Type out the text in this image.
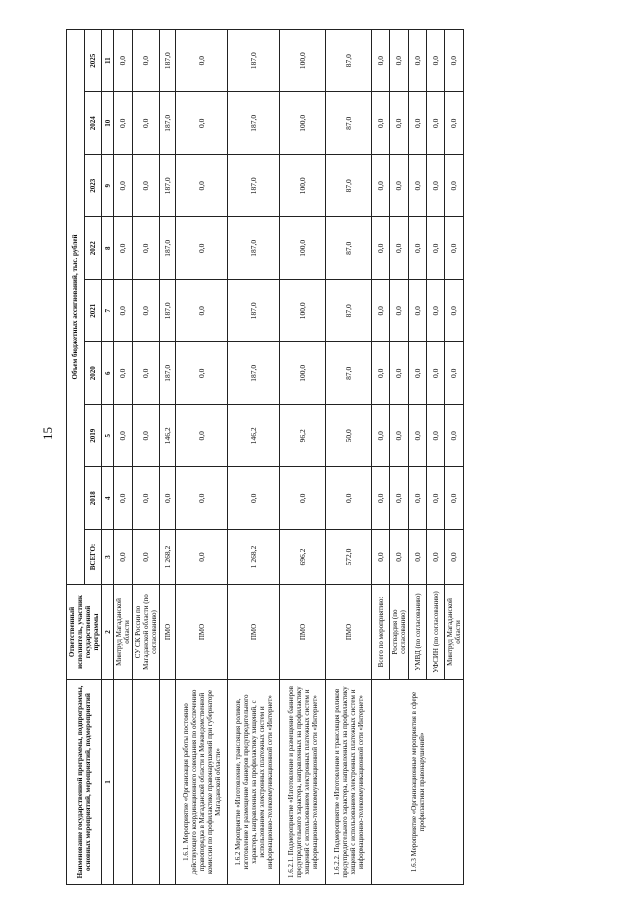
15
Наименование государственной программы, подпрограммы, основных мероприятий, мероприятий, подмероприятий	Ответственный исполнитель, участник государственной программы	Объем бюджетных ассигнований, тыс. рублей								
		ВСЕГО:	2018	2019	2020	2021	2022	2023	2024	2025
1	2	3	4	5	6	7	8	9	10	11
	Минтруд Магаданской области	0,0	0,0	0,0	0,0	0,0	0,0	0,0	0,0	0,0
	СУ СК России по Магаданской области (по согласованию)	0,0	0,0	0,0	0,0	0,0	0,0	0,0	0,0	0,0
	ПМО	1 268,2	0,0	146,2	187,0	187,0	187,0	187,0	187,0	187,0
1.6.1. Мероприятие «Организация работы постоянно действующего координационного совещания по обеспечению правопорядка в Магаданской области и Межведомственной комиссии по профилактике правонарушений при губернаторе Магаданской области»	ПМО	0,0	0,0	0,0	0,0	0,0	0,0	0,0	0,0	0,0
1.6.2 Мероприятие «Изготовление, трансляция роликов, изготовление и размещение баннеров предупредительного характера, направленных на профилактику хищений, с использованием электронных платежных систем и информационно-телекоммуникационной сети «Интернет»	ПМО	1 268,2	0,0	146,2	187,0	187,0	187,0	187,0	187,0	187,0
1.6.2.1. Подмероприятие «Изготовление и размещение баннеров предупредительного характера, направленных на профилактику хищений с использованием электронных платежных систем и информационно-телекоммуникационной сети «Интернет»	ПМО	696,2	0,0	96,2	100,0	100,0	100,0	100,0	100,0	100,0
1.6.2.2. Подмероприятие «Изготовление и трансляция роликов предупредительного характера, направленных на профилактику хищений с использованием электронных платежных систем и информационно-телекоммуникационной сети «Интернет»	ПМО	572,0	0,0	50,0	87,0	87,0	87,0	87,0	87,0	87,0
1.6.3 Мероприятие «Организационные мероприятия в сфере профилактики правонарушений»	Всего по мероприятию:	0,0	0,0	0,0	0,0	0,0	0,0	0,0	0,0	0,0
	Росгвардия (по согласованию)	0,0	0,0	0,0	0,0	0,0	0,0	0,0	0,0	0,0
	УМВД (по согласованию)	0,0	0,0	0,0	0,0	0,0	0,0	0,0	0,0	0,0
	УФСИН (по согласованию)	0,0	0,0	0,0	0,0	0,0	0,0	0,0	0,0	0,0
	Минтруд Магаданской области	0,0	0,0	0,0	0,0	0,0	0,0	0,0	0,0	0,0
